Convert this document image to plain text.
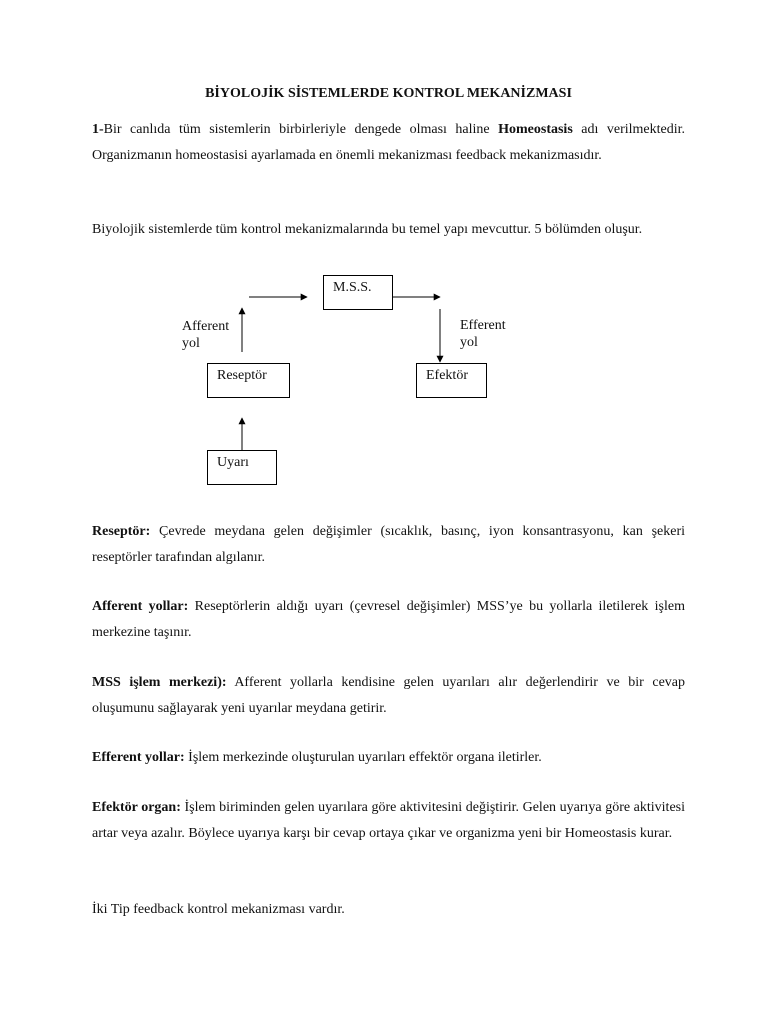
BİYOLOJİK SİSTEMLERDE KONTROL MEKANİZMASI

1-Bir canlıda tüm sistemlerin birbirleriyle dengede olması haline Homeostasis adı verilmektedir. Organizmanın homeostasisi ayarlamada en önemli mekanizması feedback mekanizmasıdır.

Biyolojik sistemlerde tüm kontrol mekanizmalarında bu temel yapı mevcuttur. 5 bölümden oluşur.

M.S.S.
Reseptör	Efektör
Uyarı
Afferent
yol
Efferent
yol

Reseptör: Çevrede meydana gelen değişimler (sıcaklık, basınç, iyon konsantrasyonu, kan şekeri reseptörler tarafından algılanır.

Afferent yollar: Reseptörlerin aldığı uyarı (çevresel değişimler) MSS’ye bu yollarla iletilerek işlem merkezine taşınır.

MSS işlem merkezi): Afferent yollarla kendisine gelen uyarıları alır değerlendirir ve bir cevap oluşumunu sağlayarak yeni uyarılar meydana getirir.

Efferent yollar: İşlem merkezinde oluşturulan uyarıları effektör organa iletirler.

Efektör organ: İşlem biriminden gelen uyarılara göre aktivitesini değiştirir. Gelen uyarıya göre aktivitesi artar veya azalır. Böylece uyarıya karşı bir cevap ortaya çıkar ve organizma yeni bir Homeostasis kurar.

İki Tip feedback kontrol mekanizması vardır.
